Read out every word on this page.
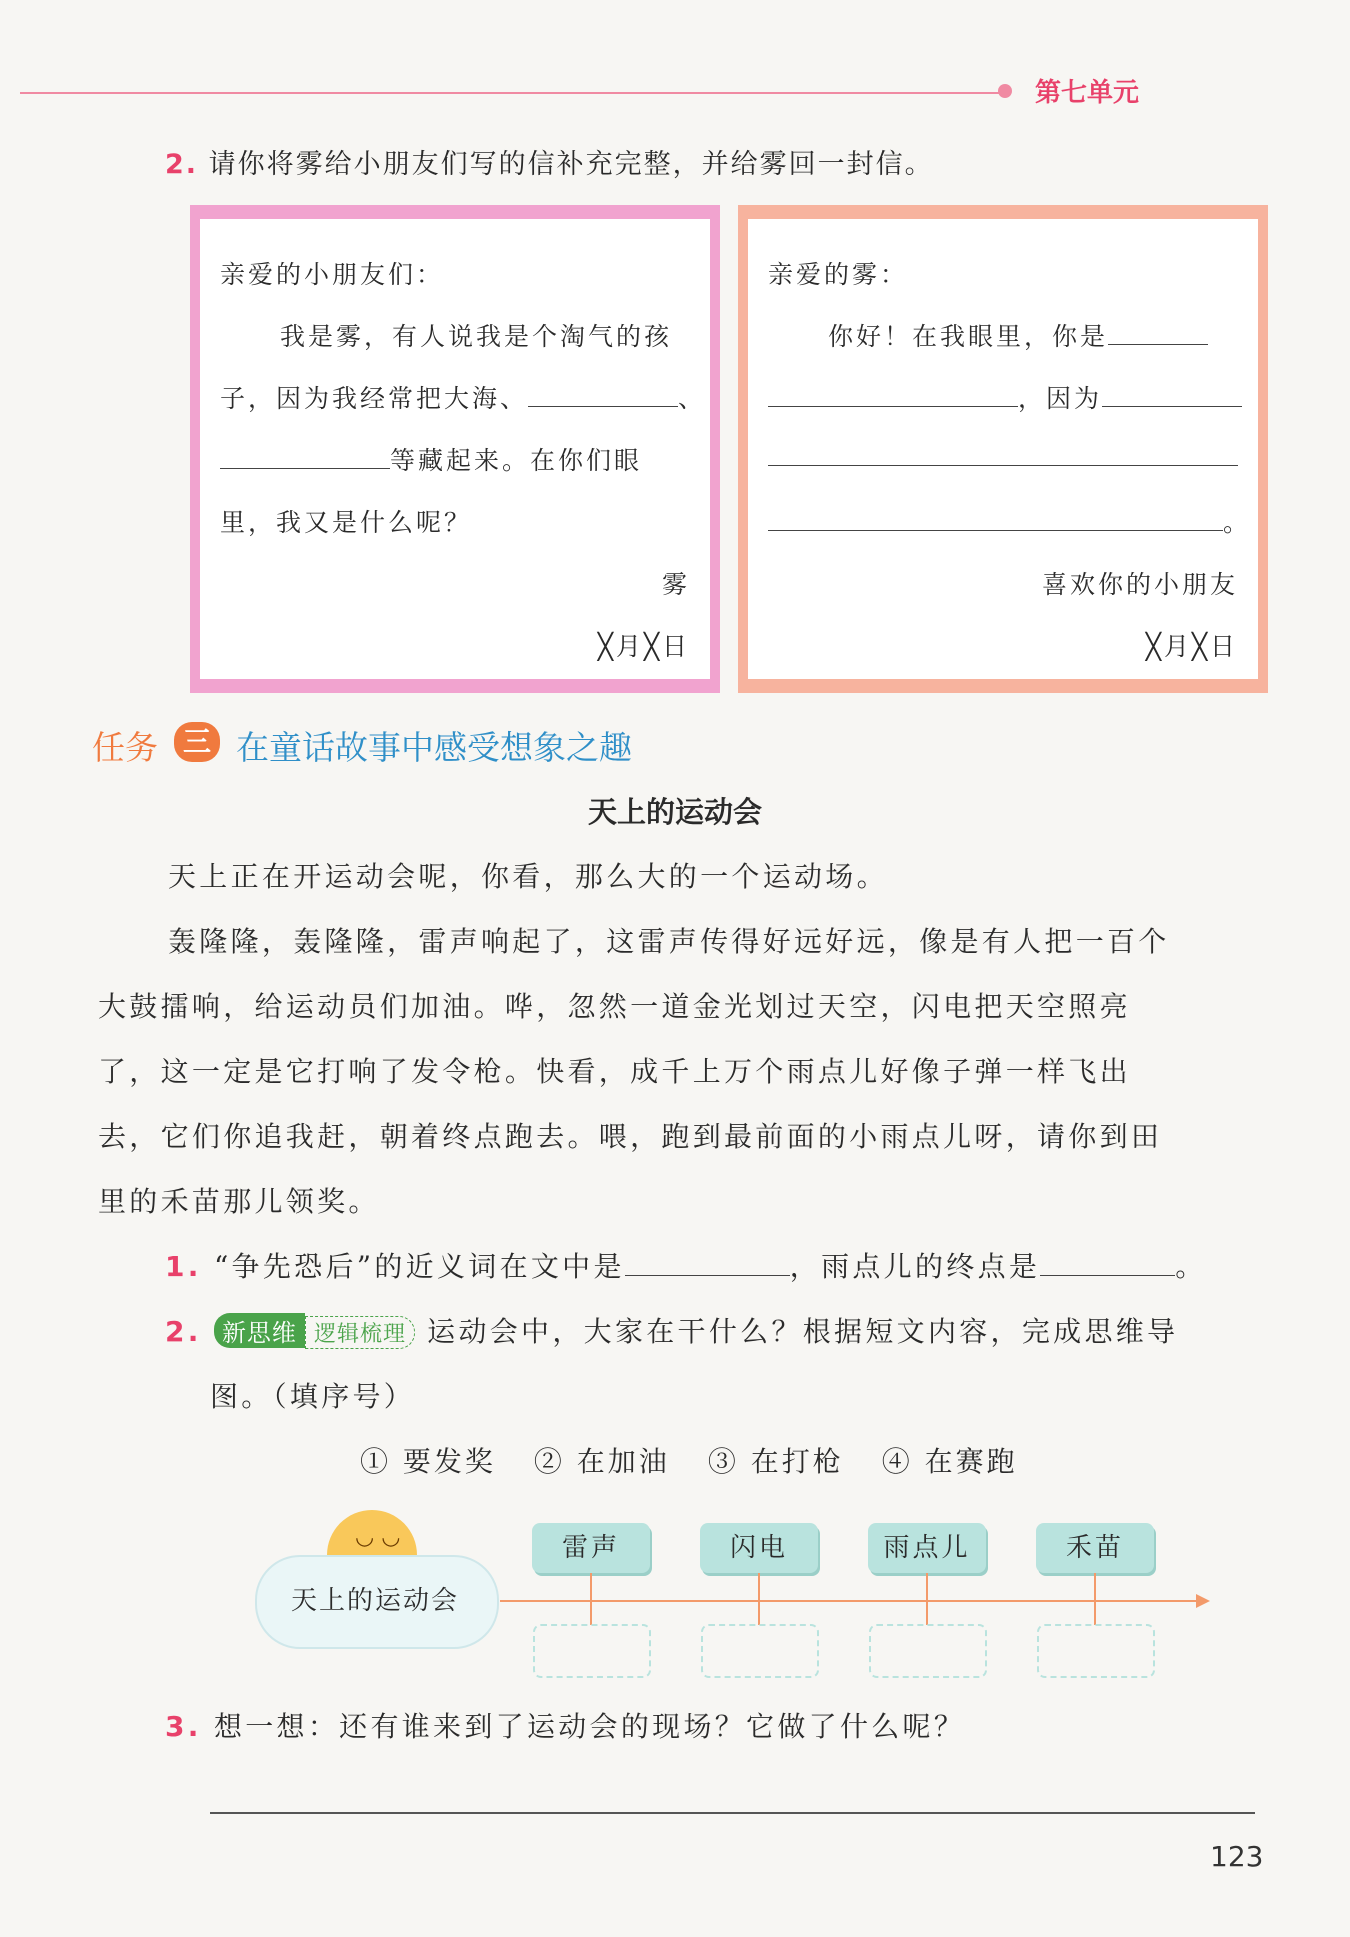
第七单元
2. 请你将雾给小朋友们写的信补充完整，并给雾回一封信。
亲爱的小朋友们：
我是雾，有人说我是个淘气的孩
子，因为我经常把大海、	、
等藏起来。在你们眼
里，我又是什么呢？
雾
╳月╳日
亲爱的雾：
你好！在我眼里，你是
，因为
。
喜欢你的小朋友
╳月╳日
任务 三 在童话故事中感受想象之趣
天上的运动会
天上正在开运动会呢，你看，那么大的一个运动场。
轰隆隆，轰隆隆，雷声响起了，这雷声传得好远好远，像是有人把一百个
大鼓擂响，给运动员们加油。哗，忽然一道金光划过天空，闪电把天空照亮
了，这一定是它打响了发令枪。快看，成千上万个雨点儿好像子弹一样飞出
去，它们你追我赶，朝着终点跑去。喂，跑到最前面的小雨点儿呀，请你到田
里的禾苗那儿领奖。
1. “争先恐后”的近义词在文中是	，雨点儿的终点是	。
2. 新思维 逻辑梳理 运动会中，大家在干什么？根据短文内容，完成思维导
图。（填序号）
① 要发奖 ② 在加油 ③ 在打枪 ④ 在赛跑
◡ ◡
天上的运动会
雷声	闪电	雨点儿	禾苗
3. 想一想：还有谁来到了运动会的现场？它做了什么呢？
123
